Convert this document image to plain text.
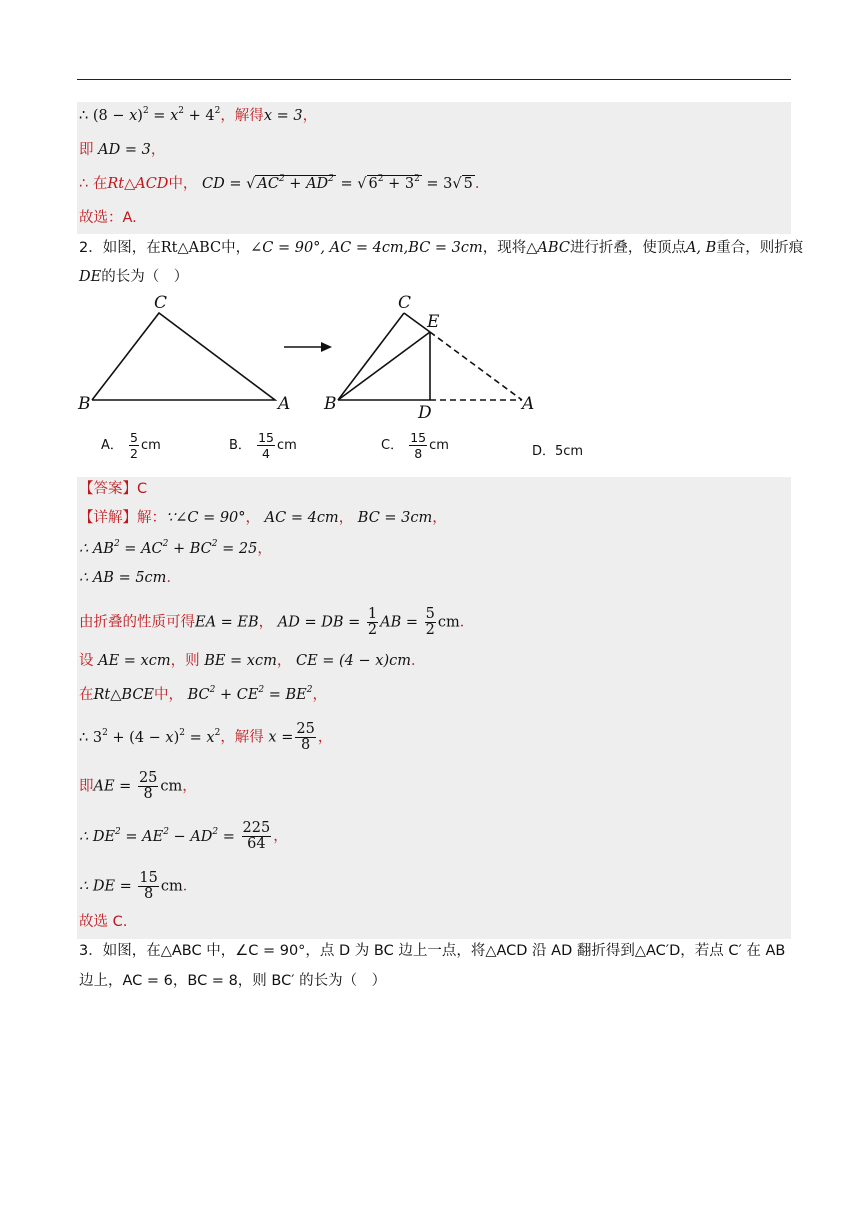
∴ $(8 - x)^2 = x^2 + 4^2$，解得x = 3，
即 AD = 3，
∴ 在Rt△ACD中， CD = √ $AC^2 + AD^2$ = √ $6^2 + 3^2 = 3√$ 5 ．
故选：A.
2．如图，在Rt△ABC中，∠C = 90°, AC = 4cm,BC = 3cm，现将△ABC进行折叠，使顶点A, B重合，则折痕
DE的长为（　）
C
B	A
C
E
B	D	A
A． $\frac{5}{2}$ cm	B． $\frac{15}{4}$ cm	C． $\frac{15}{8}$ cm	D．5cm
【答案】C
【详解】解：∵∠C = 90°， AC = 4cm， BC = 3cm，
∴ $AB^2 = AC^2 + BC^2 = 25$，
∴ AB = 5cm．
由折叠的性质可得EA = EB， AD = DB = $\frac{1}{2}$ AB = $\frac{5}{2}$ cm．
设 AE = xcm，则 BE = xcm， CE = (4 − x)cm．
在Rt△BCE中， $BC^2 + CE^2 = BE^2$，
∴ $3^2 + (4 - x)^2 = x^2$，解得 $x = \frac{25}{8}$ ，
即AE = $\frac{25}{8}$ cm，
∴ $DE^2 = AE^2 - AD^2 = \frac{225}{64}$ ，
∴ DE = $\frac{15}{8}$ cm．
故选 C.
3．如图，在△ABC 中，∠C = 90°，点 D 为 BC 边上一点，将△ACD 沿 AD 翻折得到△AC′D，若点 C′ 在 AB
边上，AC = 6，BC = 8，则 BC′ 的长为（　）
